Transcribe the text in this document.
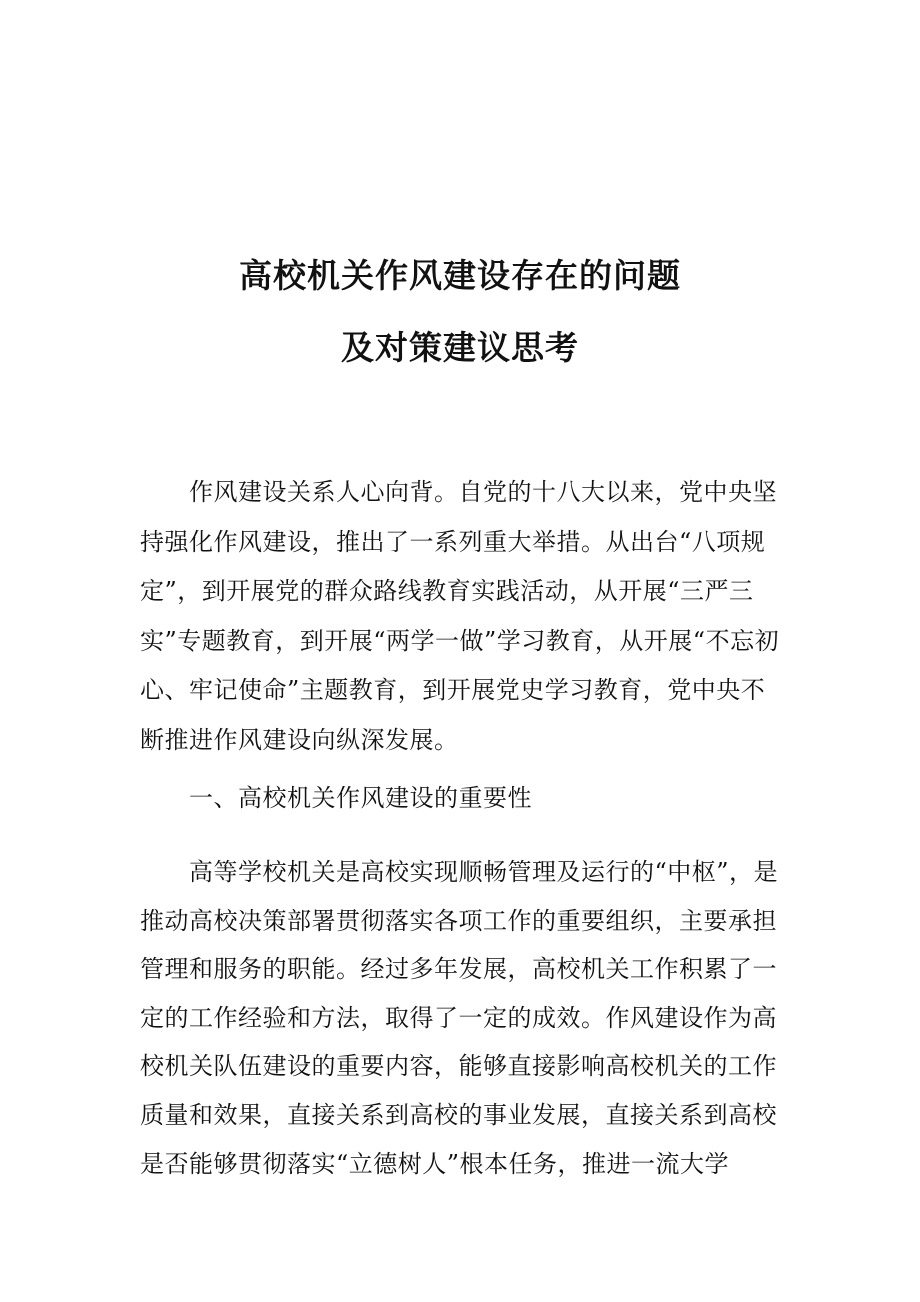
高校机关作风建设存在的问题
及对策建议思考

作风建设关系人心向背。自党的十八大以来，党中央坚持强化作风建设，推出了一系列重大举措。从出台“八项规定”，到开展党的群众路线教育实践活动，从开展“三严三实”专题教育，到开展“两学一做”学习教育，从开展“不忘初心、牢记使命”主题教育，到开展党史学习教育，党中央不断推进作风建设向纵深发展。

一、高校机关作风建设的重要性

高等学校机关是高校实现顺畅管理及运行的“中枢”，是推动高校决策部署贯彻落实各项工作的重要组织，主要承担管理和服务的职能。经过多年发展，高校机关工作积累了一定的工作经验和方法，取得了一定的成效。作风建设作为高校机关队伍建设的重要内容，能够直接影响高校机关的工作质量和效果，直接关系到高校的事业发展，直接关系到高校是否能够贯彻落实“立德树人”根本任务，推进一流大学
